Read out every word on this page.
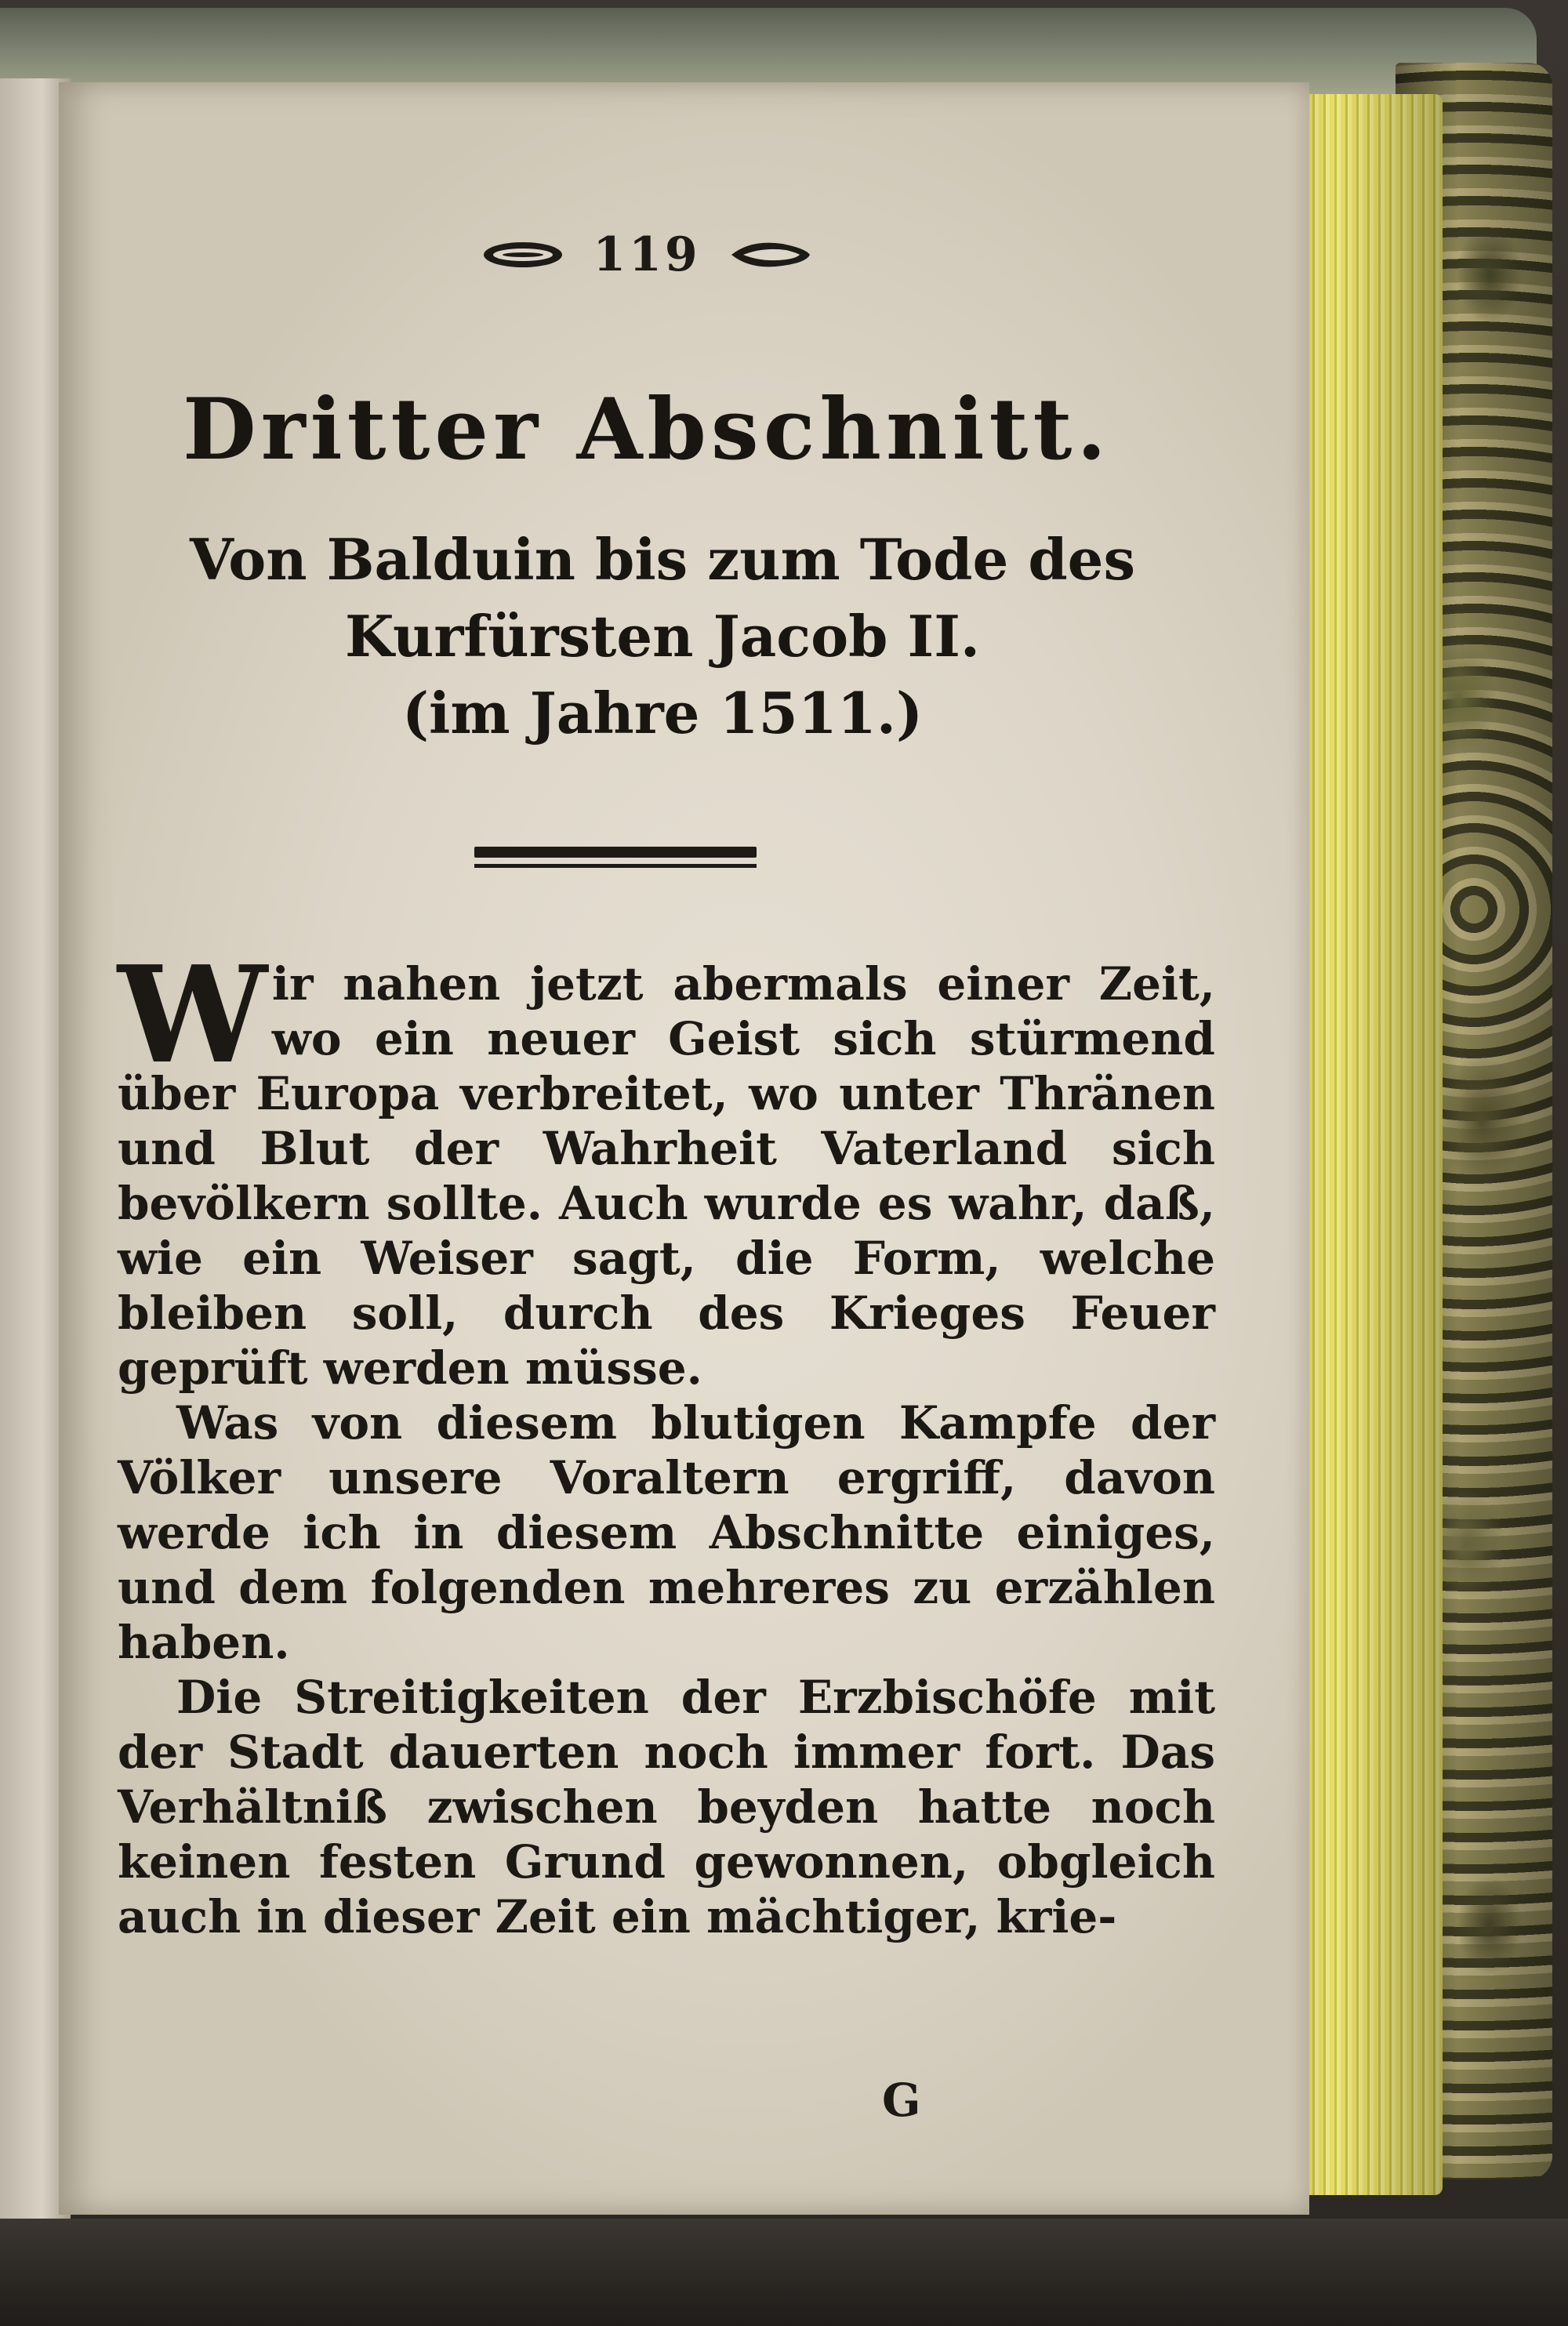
119
Dritter Abschnitt.
Von Balduin bis zum Tode des
Kurfürsten Jacob II.
(im Jahre 1511.)

Wir nahen jetzt abermals einer Zeit, wo ein neuer Geist sich stürmend über Europa verbreitet, wo unter Thränen und Blut der Wahrheit Vaterland sich bevölkern sollte. Auch wurde es wahr, daß, wie ein Weiser sagt, die Form, welche bleiben soll, durch des Krieges Feuer geprüft werden müsse.

Was von diesem blutigen Kampfe der Völker unsere Voraltern ergriff, davon werde ich in diesem Abschnitte einiges, und dem folgenden mehreres zu erzählen haben.

Die Streitigkeiten der Erzbischöfe mit der Stadt dauerten noch immer fort. Das Verhältniß zwischen beyden hatte noch keinen festen Grund gewonnen, obgleich auch in dieser Zeit ein mächtiger, krie-

G
